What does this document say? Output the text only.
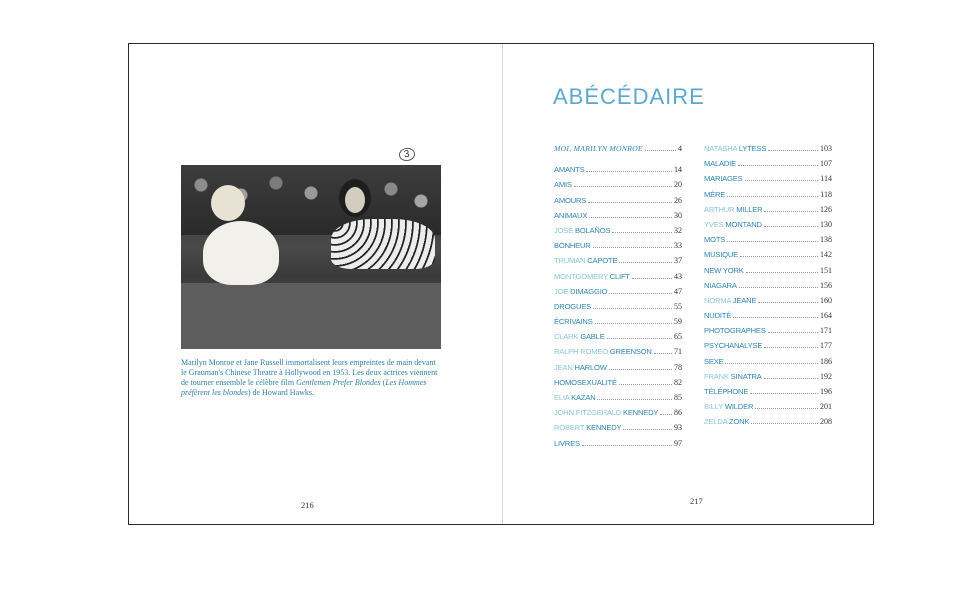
3
Marilyn Monroe et Jane Russell immortalisent leurs empreintes de main devant le Grauman's Chinese Theatre à Hollywood en 1953. Les deux actrices viennent de tourner ensemble le célèbre film Gentlemen Prefer Blondes (Les Hommes préfèrent les blondes) de Howard Hawks.
216
ABÉCÉDAIRE
MOI, MARILYN MONROE	4
AMANTS	14
AMIS	20
AMOURS	26
ANIMAUX	30
JOSÉ BOLAÑOS	32
BONHEUR	33
TRUMAN CAPOTE	37
MONTGOMERY CLIFT	43
JOE DIMAGGIO	47
DROGUES	55
ÉCRIVAINS	59
CLARK GABLE	65
RALPH ROMEO GREENSON	71
JEAN HARLOW	78
HOMOSEXUALITÉ	82
ELIA KAZAN	85
JOHN FITZGERALD KENNEDY 86
ROBERT KENNEDY	93
LIVRES	97
NATASHA LYTESS	103
MALADIE	107
MARIAGES	114
MÈRE	118
ARTHUR MILLER	126
YVES MONTAND	130
MOTS	138
MUSIQUE	142
NEW YORK	151
NIAGARA	156
NORMA JEANE	160
NUDITÉ	164
PHOTOGRAPHES	171
PSYCHANALYSE	177
SEXE	186
FRANK SINATRA	192
TÉLÉPHONE	196
BILLY WILDER	201
ZELDA ZONK	208
217
